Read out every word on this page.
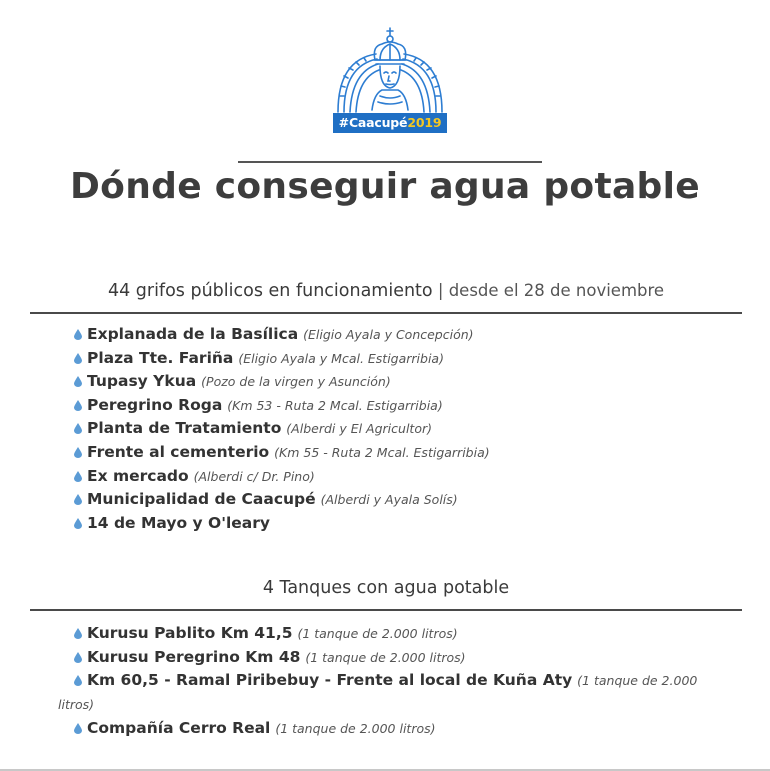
#Caacupé2019
Dónde conseguir agua potable
44 grifos públicos en funcionamiento | desde el 28 de noviembre
Explanada de la Basílica (Eligio Ayala y Concepción)
Plaza Tte. Fariña (Eligio Ayala y Mcal. Estigarribia)
Tupasy Ykua (Pozo de la virgen y Asunción)
Peregrino Roga (Km 53 - Ruta 2 Mcal. Estigarribia)
Planta de Tratamiento (Alberdi y El Agricultor)
Frente al cementerio (Km 55 - Ruta 2 Mcal. Estigarribia)
Ex mercado (Alberdi c/ Dr. Pino)
Municipalidad de Caacupé (Alberdi y Ayala Solís)
14 de Mayo y O'leary
4 Tanques con agua potable
Kurusu Pablito Km 41,5 (1 tanque de 2.000 litros)
Kurusu Peregrino Km 48 (1 tanque de 2.000 litros)
Km 60,5 - Ramal Piribebuy - Frente al local de Kuña Aty (1 tanque de 2.000 litros)
Compañía Cerro Real (1 tanque de 2.000 litros)
